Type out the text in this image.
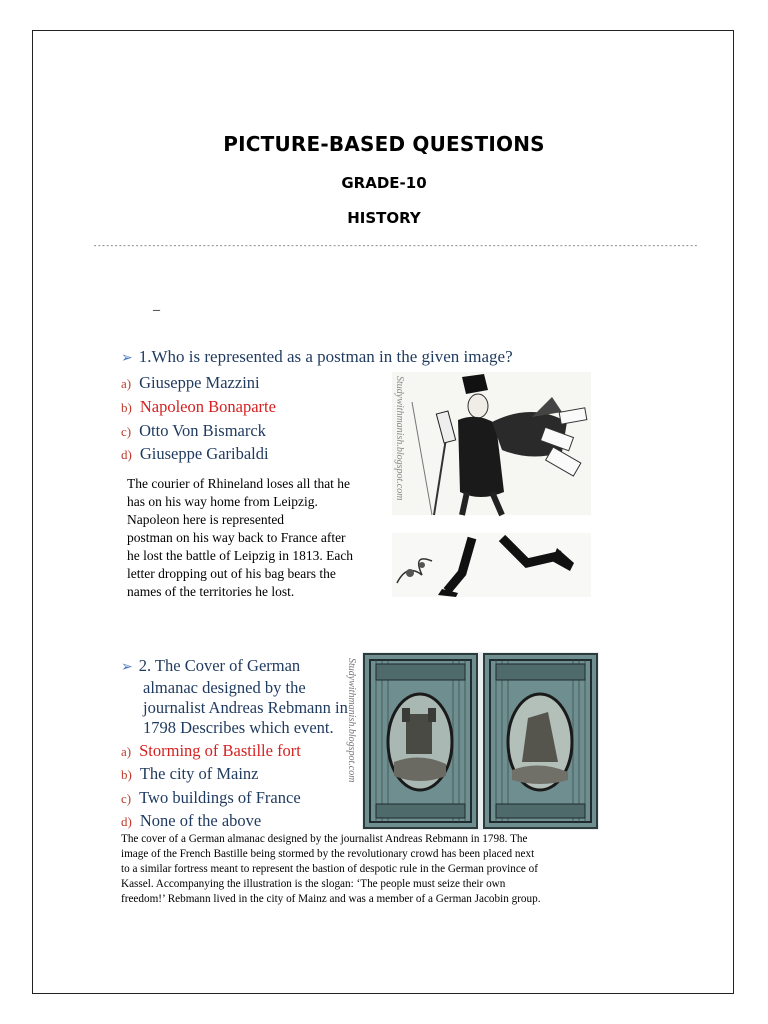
PICTURE-BASED QUESTIONS
GRADE-10
HISTORY
------------------------------------------------------------------------------------------------------------------------------------------------
_
➢ 1.Who is represented as a postman in the given image?
a) Giuseppe Mazzini
b) Napoleon Bonaparte
c) Otto Von Bismarck
d) Giuseppe Garibaldi
The courier of Rhineland loses all that he
has on his way home from Leipzig.
Napoleon here is represented
postman on his way back to France after
he lost the battle of Leipzig in 1813. Each
letter dropping out of his bag bears the
names of the territories he lost.
Studywithmanish.blogspot.com
➢ 2. The Cover of German
almanac designed by the
journalist Andreas Rebmann in
1798 Describes which event.
a) Storming of Bastille fort
b) The city of Mainz
c) Two buildings of France
d) None of the above
The cover of a German almanac designed by the journalist Andreas Rebmann in 1798. The
image of the French Bastille being stormed by the revolutionary crowd has been placed next
to a similar fortress meant to represent the bastion of despotic rule in the German province of
Kassel. Accompanying the illustration is the slogan: ‘The people must seize their own
freedom!’ Rebmann lived in the city of Mainz and was a member of a German Jacobin group.
Studywithmanish.blogspot.com
